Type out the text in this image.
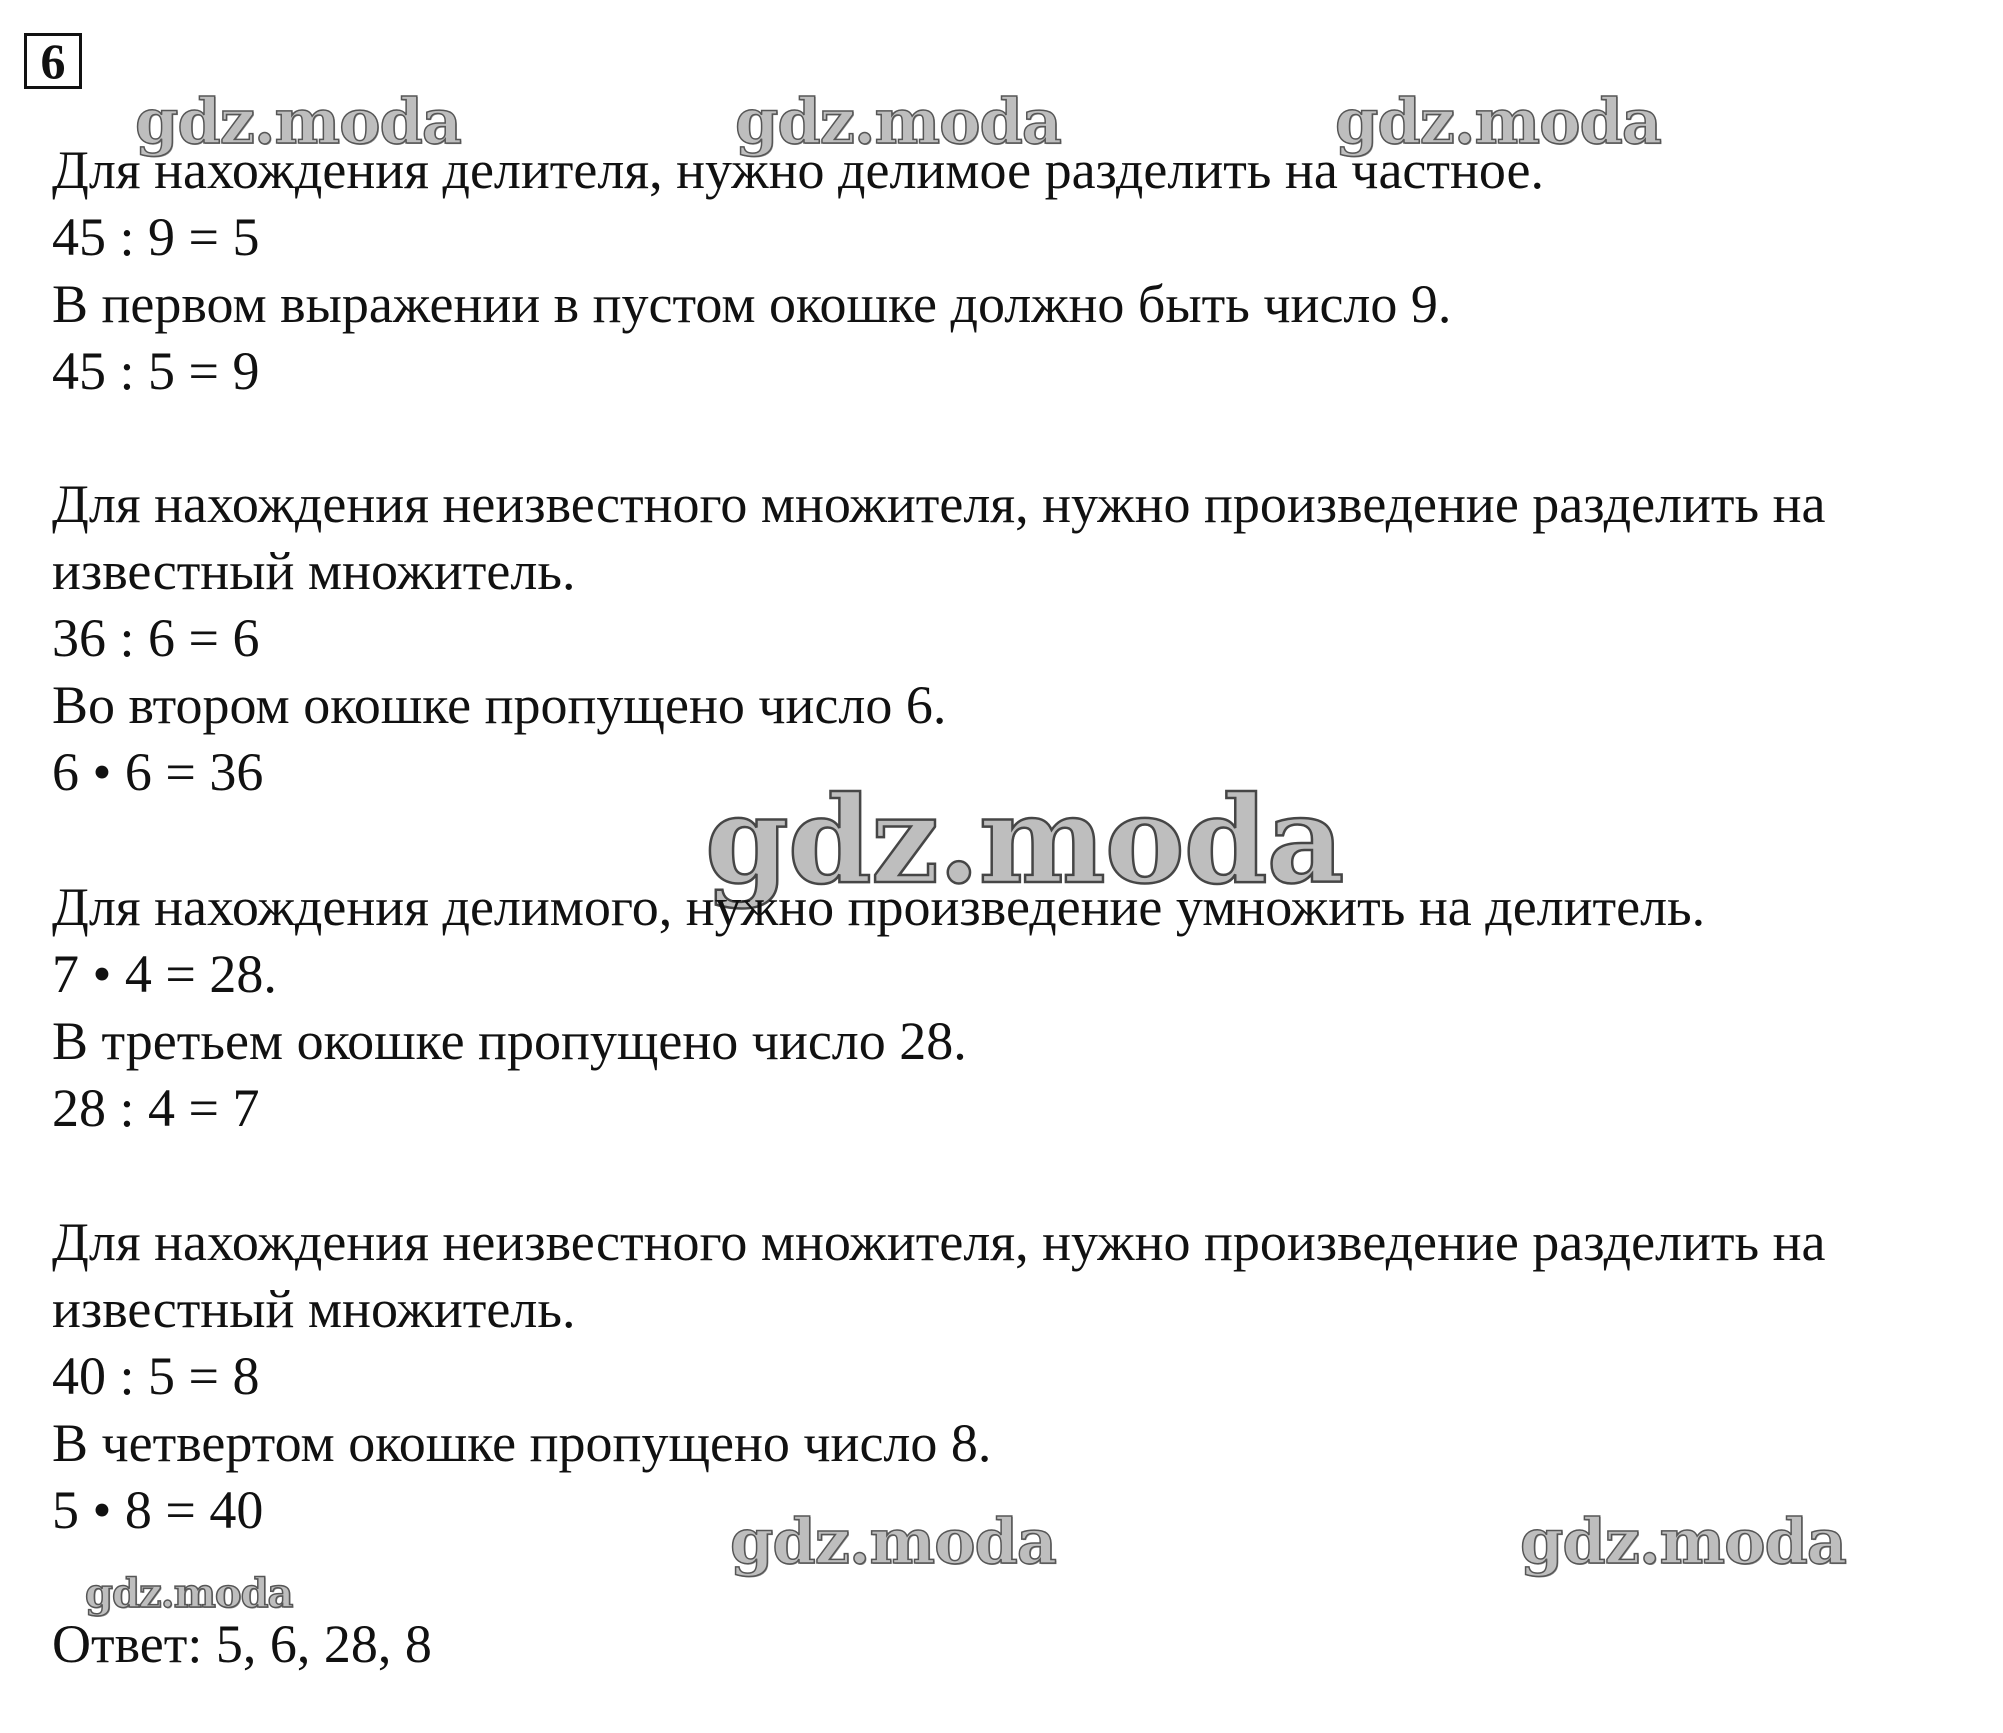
6
gdz.moda	gdz.moda	gdz.moda
gdz.moda
gdz.moda	gdz.moda
gdz.moda
Для нахождения делителя, нужно делимое разделить на частное.
45 : 9 = 5
В первом выражении в пустом окошке должно быть число 9.
45 : 5 = 9
Для нахождения неизвестного множителя, нужно произведение разделить на
известный множитель.
36 : 6 = 6
Во втором окошке пропущено число 6.
6 • 6 = 36
Для нахождения делимого, нужно произведение умножить на делитель.
7 • 4 = 28.
В третьем окошке пропущено число 28.
28 : 4 = 7
Для нахождения неизвестного множителя, нужно произведение разделить на
известный множитель.
40 : 5 = 8
В четвертом окошке пропущено число 8.
5 • 8 = 40
Ответ: 5, 6, 28, 8
